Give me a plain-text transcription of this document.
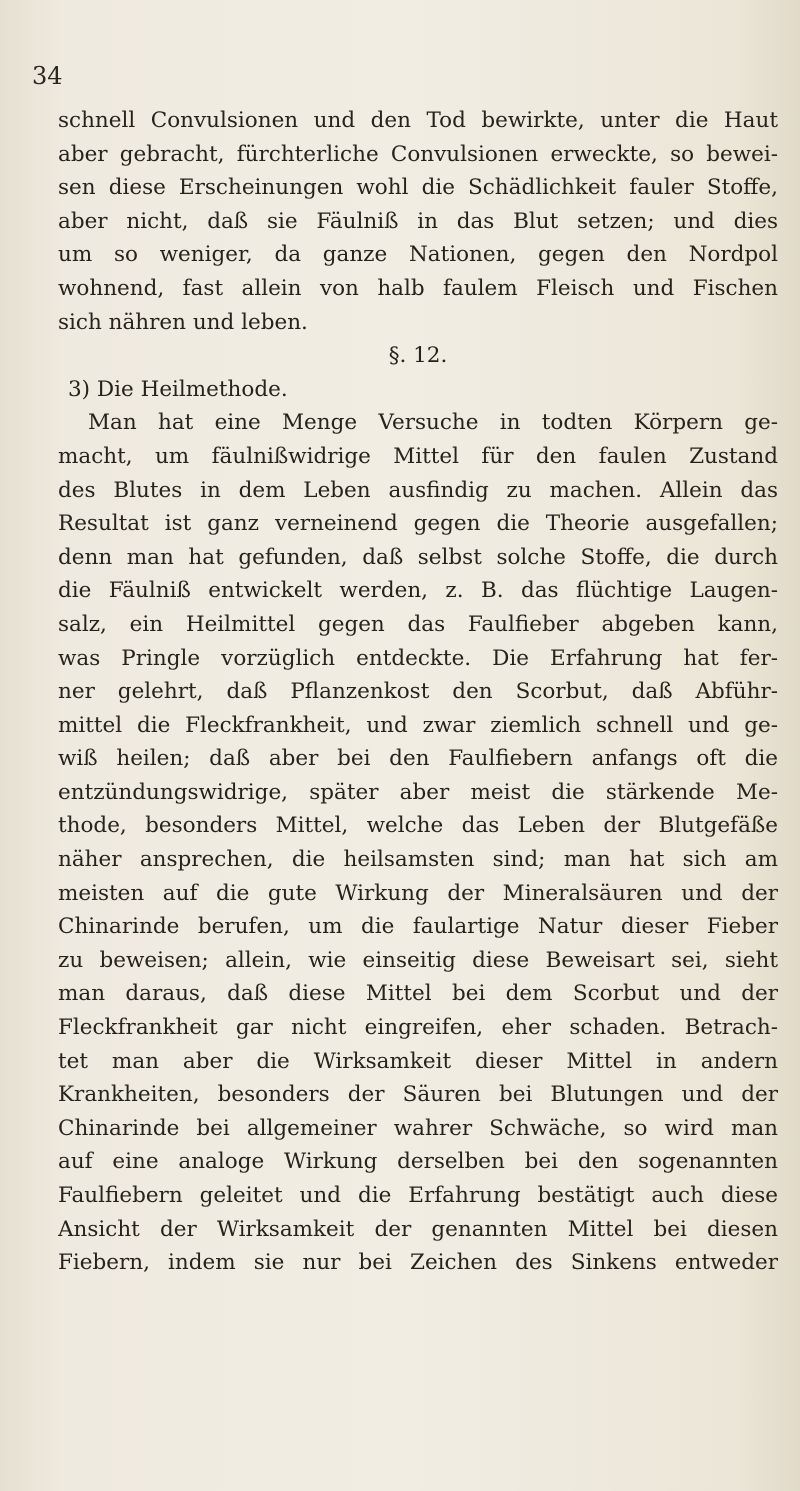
34
schnell Convulsionen und den Tod bewirkte, unter die Haut
aber gebracht, fürchterliche Convulsionen erweckte, so bewei-
sen diese Erscheinungen wohl die Schädlichkeit fauler Stoffe,
aber nicht, daß sie Fäulniß in das Blut setzen; und dies
um so weniger, da ganze Nationen, gegen den Nordpol
wohnend, fast allein von halb faulem Fleisch und Fischen
sich nähren und leben.
§. 12.
3) Die Heilmethode.
Man hat eine Menge Versuche in todten Körpern ge-
macht, um fäulnißwidrige Mittel für den faulen Zustand
des Blutes in dem Leben ausfindig zu machen. Allein das
Resultat ist ganz verneinend gegen die Theorie ausgefallen;
denn man hat gefunden, daß selbst solche Stoffe, die durch
die Fäulniß entwickelt werden, z. B. das flüchtige Laugen-
salz, ein Heilmittel gegen das Faulfieber abgeben kann,
was Pringle vorzüglich entdeckte. Die Erfahrung hat fer-
ner gelehrt, daß Pflanzenkost den Scorbut, daß Abführ-
mittel die Fleckfrankheit, und zwar ziemlich schnell und ge-
wiß heilen; daß aber bei den Faulfiebern anfangs oft die
entzündungswidrige, später aber meist die stärkende Me-
thode, besonders Mittel, welche das Leben der Blutgefäße
näher ansprechen, die heilsamsten sind; man hat sich am
meisten auf die gute Wirkung der Mineralsäuren und der
Chinarinde berufen, um die faulartige Natur dieser Fieber
zu beweisen; allein, wie einseitig diese Beweisart sei, sieht
man daraus, daß diese Mittel bei dem Scorbut und der
Fleckfrankheit gar nicht eingreifen, eher schaden. Betrach-
tet man aber die Wirksamkeit dieser Mittel in andern
Krankheiten, besonders der Säuren bei Blutungen und der
Chinarinde bei allgemeiner wahrer Schwäche, so wird man
auf eine analoge Wirkung derselben bei den sogenannten
Faulfiebern geleitet und die Erfahrung bestätigt auch diese
Ansicht der Wirksamkeit der genannten Mittel bei diesen
Fiebern, indem sie nur bei Zeichen des Sinkens entweder
